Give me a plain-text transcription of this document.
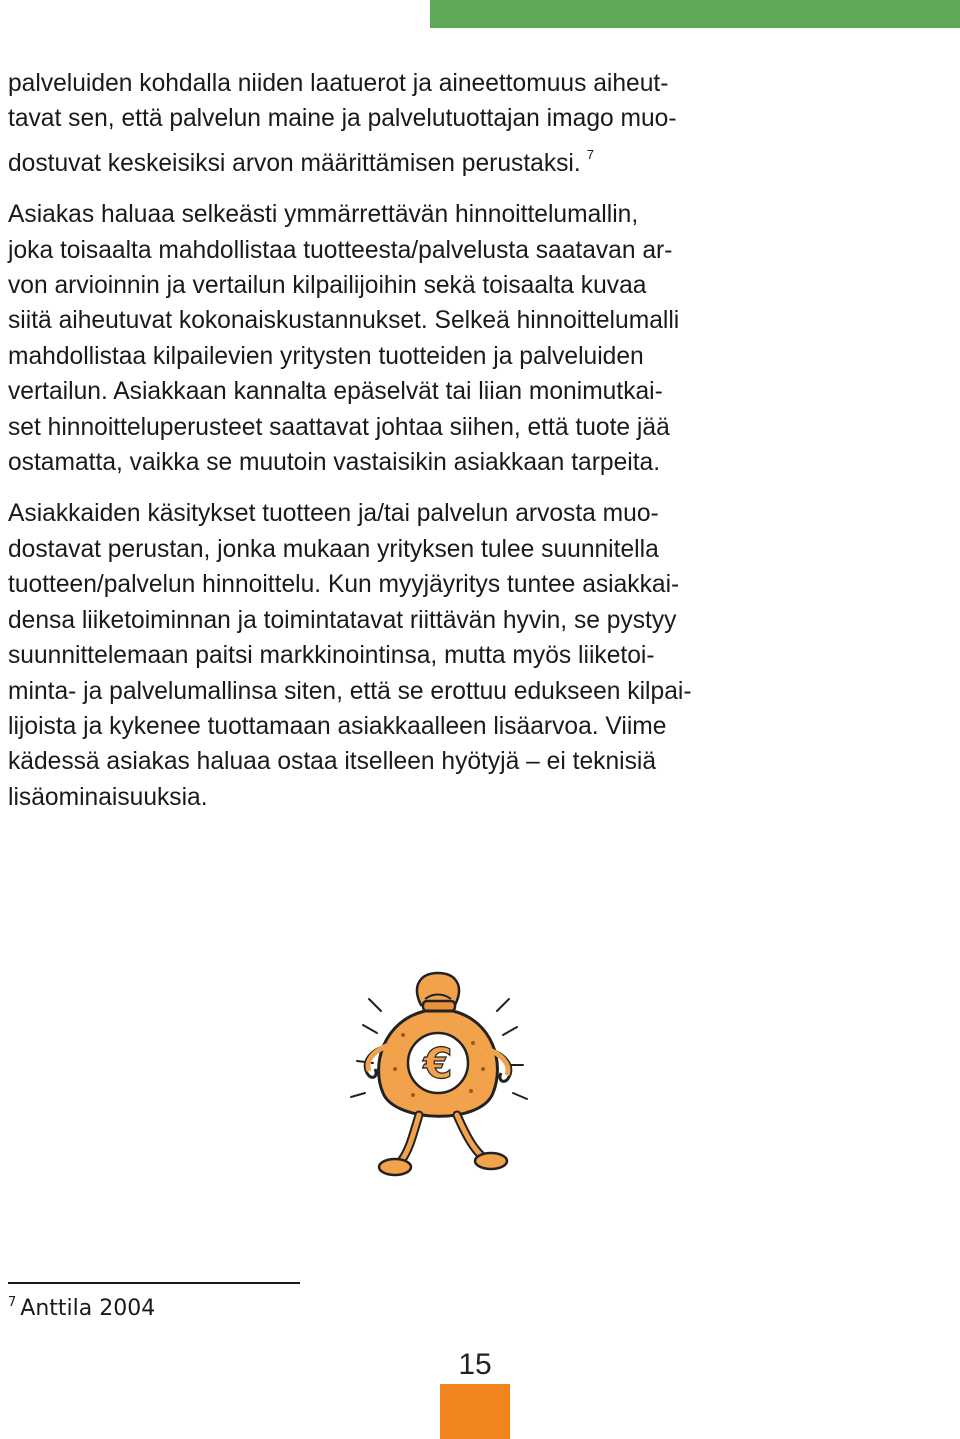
palveluiden kohdalla niiden laatuerot ja aineettomuus aiheut-
tavat sen, että palvelun maine ja palvelutuottajan imago muo-
dostuvat keskeisiksi arvon määrittämisen perustaksi. $^7$

Asiakas haluaa selkeästi ymmärrettävän hinnoittelumallin,
joka toisaalta mahdollistaa tuotteesta/palvelusta saatavan ar-
von arvioinnin ja vertailun kilpailijoihin sekä toisaalta kuvaa
siitä aiheutuvat kokonaiskustannukset. Selkeä hinnoittelumalli
mahdollistaa kilpailevien yritysten tuotteiden ja palveluiden
vertailun. Asiakkaan kannalta epäselvät tai liian monimutkai-
set hinnoitteluperusteet saattavat johtaa siihen, että tuote jää
ostamatta, vaikka se muutoin vastaisikin asiakkaan tarpeita.

Asiakkaiden käsitykset tuotteen ja/tai palvelun arvosta muo-
dostavat perustan, jonka mukaan yrityksen tulee suunnitella
tuotteen/palvelun hinnoittelu. Kun myyjäyritys tuntee asiakkai-
densa liiketoiminnan ja toimintatavat riittävän hyvin, se pystyy
suunnittelemaan paitsi markkinointinsa, mutta myös liiketoi-
minta- ja palvelumallinsa siten, että se erottuu edukseen kilpai-
lijoista ja kykenee tuottamaan asiakkaalleen lisäarvoa. Viime
kädessä asiakas haluaa ostaa itselleen hyötyjä – ei teknisiä
lisäominaisuuksia.

€
$^7$ Anttila 2004
15
